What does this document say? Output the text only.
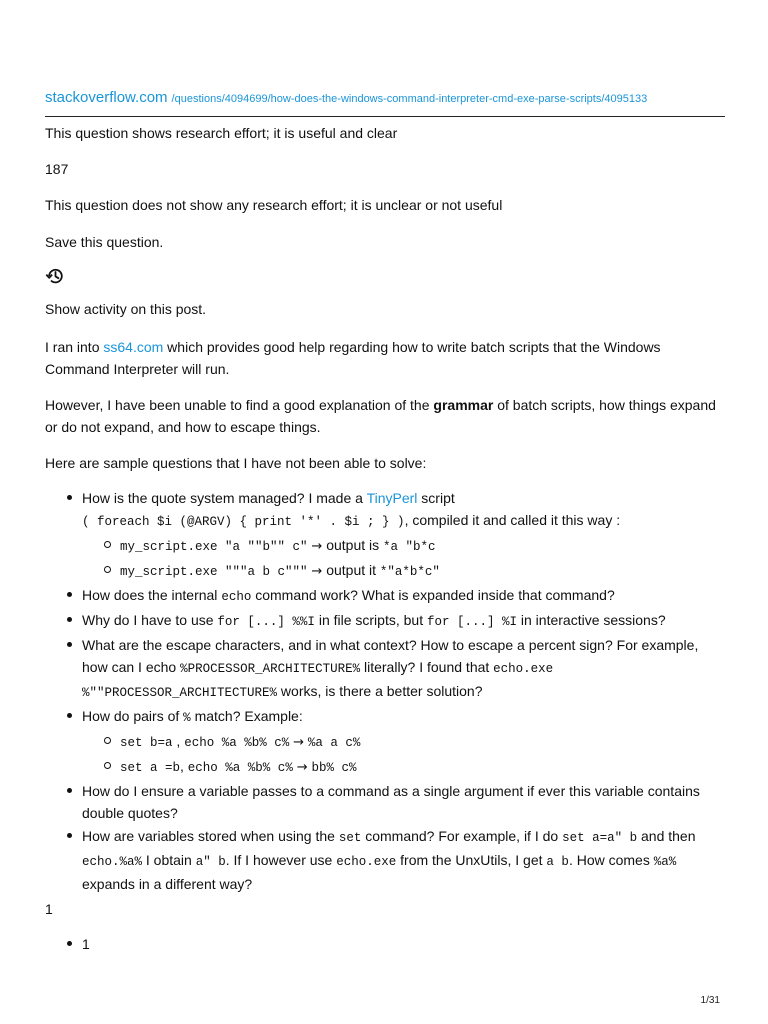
stackoverflow.com /questions/4094699/how-does-the-windows-command-interpreter-cmd-exe-parse-scripts/4095133
This question shows research effort; it is useful and clear
187
This question does not show any research effort; it is unclear or not useful
Save this question.
Show activity on this post.

I ran into ss64.com which provides good help regarding how to write batch scripts that the Windows Command Interpreter will run.

However, I have been unable to find a good explanation of the grammar of batch scripts, how things expand or do not expand, and how to escape things.

Here are sample questions that I have not been able to solve:

How is the quote system managed? I made a TinyPerl script
( foreach $i (@ARGV) { print '*' . $i ; } ), compiled it and called it this way :
my_script.exe "a ""b"" c" → output is *a "b*c
my_script.exe """a b c""" → output it *"a*b*c"
How does the internal echo command work? What is expanded inside that command?
Why do I have to use for [...] %%I in file scripts, but for [...] %I in interactive sessions?
What are the escape characters, and in what context? How to escape a percent sign? For example, how can I echo %PROCESSOR_ARCHITECTURE% literally? I found that echo.exe %""PROCESSOR_ARCHITECTURE% works, is there a better solution?
How do pairs of % match? Example:
set b=a , echo %a %b% c% → %a a c%
set a =b, echo %a %b% c% → bb% c%
How do I ensure a variable passes to a command as a single argument if ever this variable contains double quotes?
How are variables stored when using the set command? For example, if I do set a=a" b and then echo.%a% I obtain a" b. If I however use echo.exe from the UnxUtils, I get a b. How comes %a% expands in a different way?
1
1
1/31
